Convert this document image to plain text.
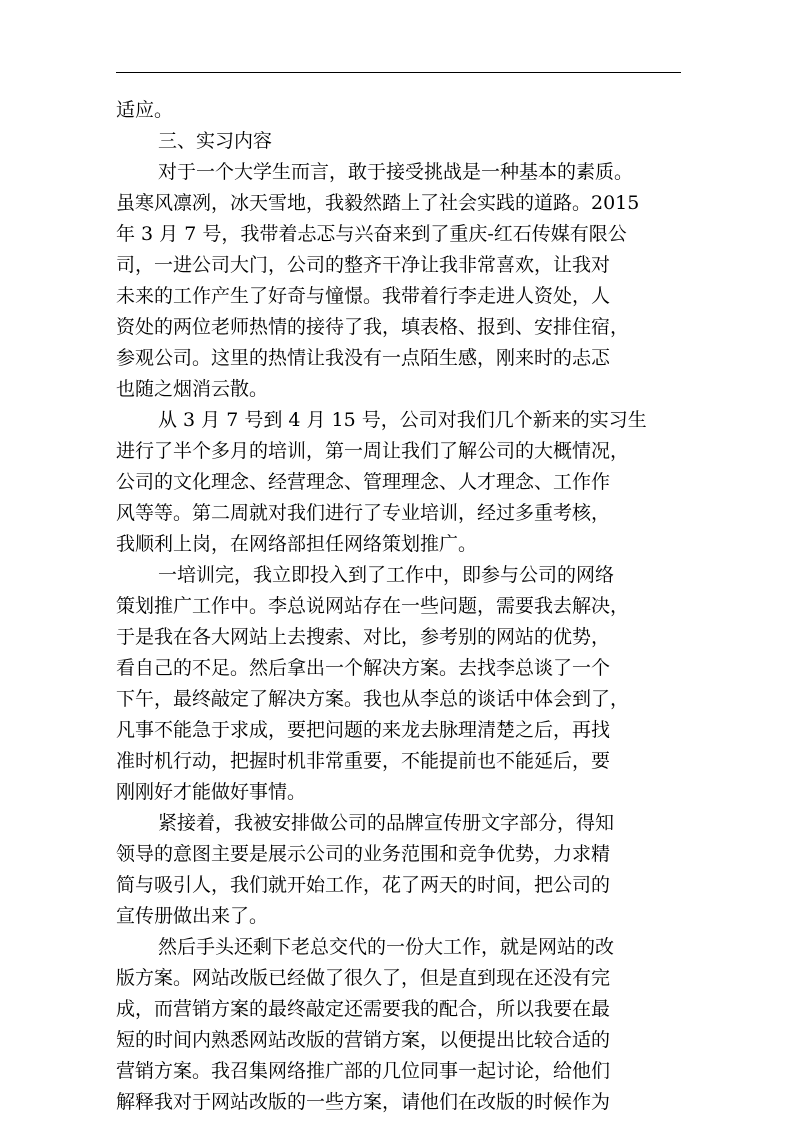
适应。
三、实习内容
对于一个大学生而言，敢于接受挑战是一种基本的素质。
虽寒风凛冽，冰天雪地，我毅然踏上了社会实践的道路。2015
年 3 月 7 号，我带着忐忑与兴奋来到了重庆-红石传媒有限公
司，一进公司大门，公司的整齐干净让我非常喜欢，让我对
未来的工作产生了好奇与憧憬。我带着行李走进人资处，人
资处的两位老师热情的接待了我，填表格、报到、安排住宿，
参观公司。这里的热情让我没有一点陌生感，刚来时的忐忑
也随之烟消云散。
从 3 月 7 号到 4 月 15 号，公司对我们几个新来的实习生
进行了半个多月的培训，第一周让我们了解公司的大概情况，
公司的文化理念、经营理念、管理理念、人才理念、工作作
风等等。第二周就对我们进行了专业培训，经过多重考核，
我顺利上岗，在网络部担任网络策划推广。
一培训完，我立即投入到了工作中，即参与公司的网络
策划推广工作中。李总说网站存在一些问题，需要我去解决，
于是我在各大网站上去搜索、对比，参考别的网站的优势，
看自己的不足。然后拿出一个解决方案。去找李总谈了一个
下午，最终敲定了解决方案。我也从李总的谈话中体会到了，
凡事不能急于求成，要把问题的来龙去脉理清楚之后，再找
准时机行动，把握时机非常重要，不能提前也不能延后，要
刚刚好才能做好事情。
紧接着，我被安排做公司的品牌宣传册文字部分，得知
领导的意图主要是展示公司的业务范围和竞争优势，力求精
简与吸引人，我们就开始工作，花了两天的时间，把公司的
宣传册做出来了。
然后手头还剩下老总交代的一份大工作，就是网站的改
版方案。网站改版已经做了很久了，但是直到现在还没有完
成，而营销方案的最终敲定还需要我的配合，所以我要在最
短的时间内熟悉网站改版的营销方案，以便提出比较合适的
营销方案。我召集网络推广部的几位同事一起讨论，给他们
解释我对于网站改版的一些方案，请他们在改版的时候作为
